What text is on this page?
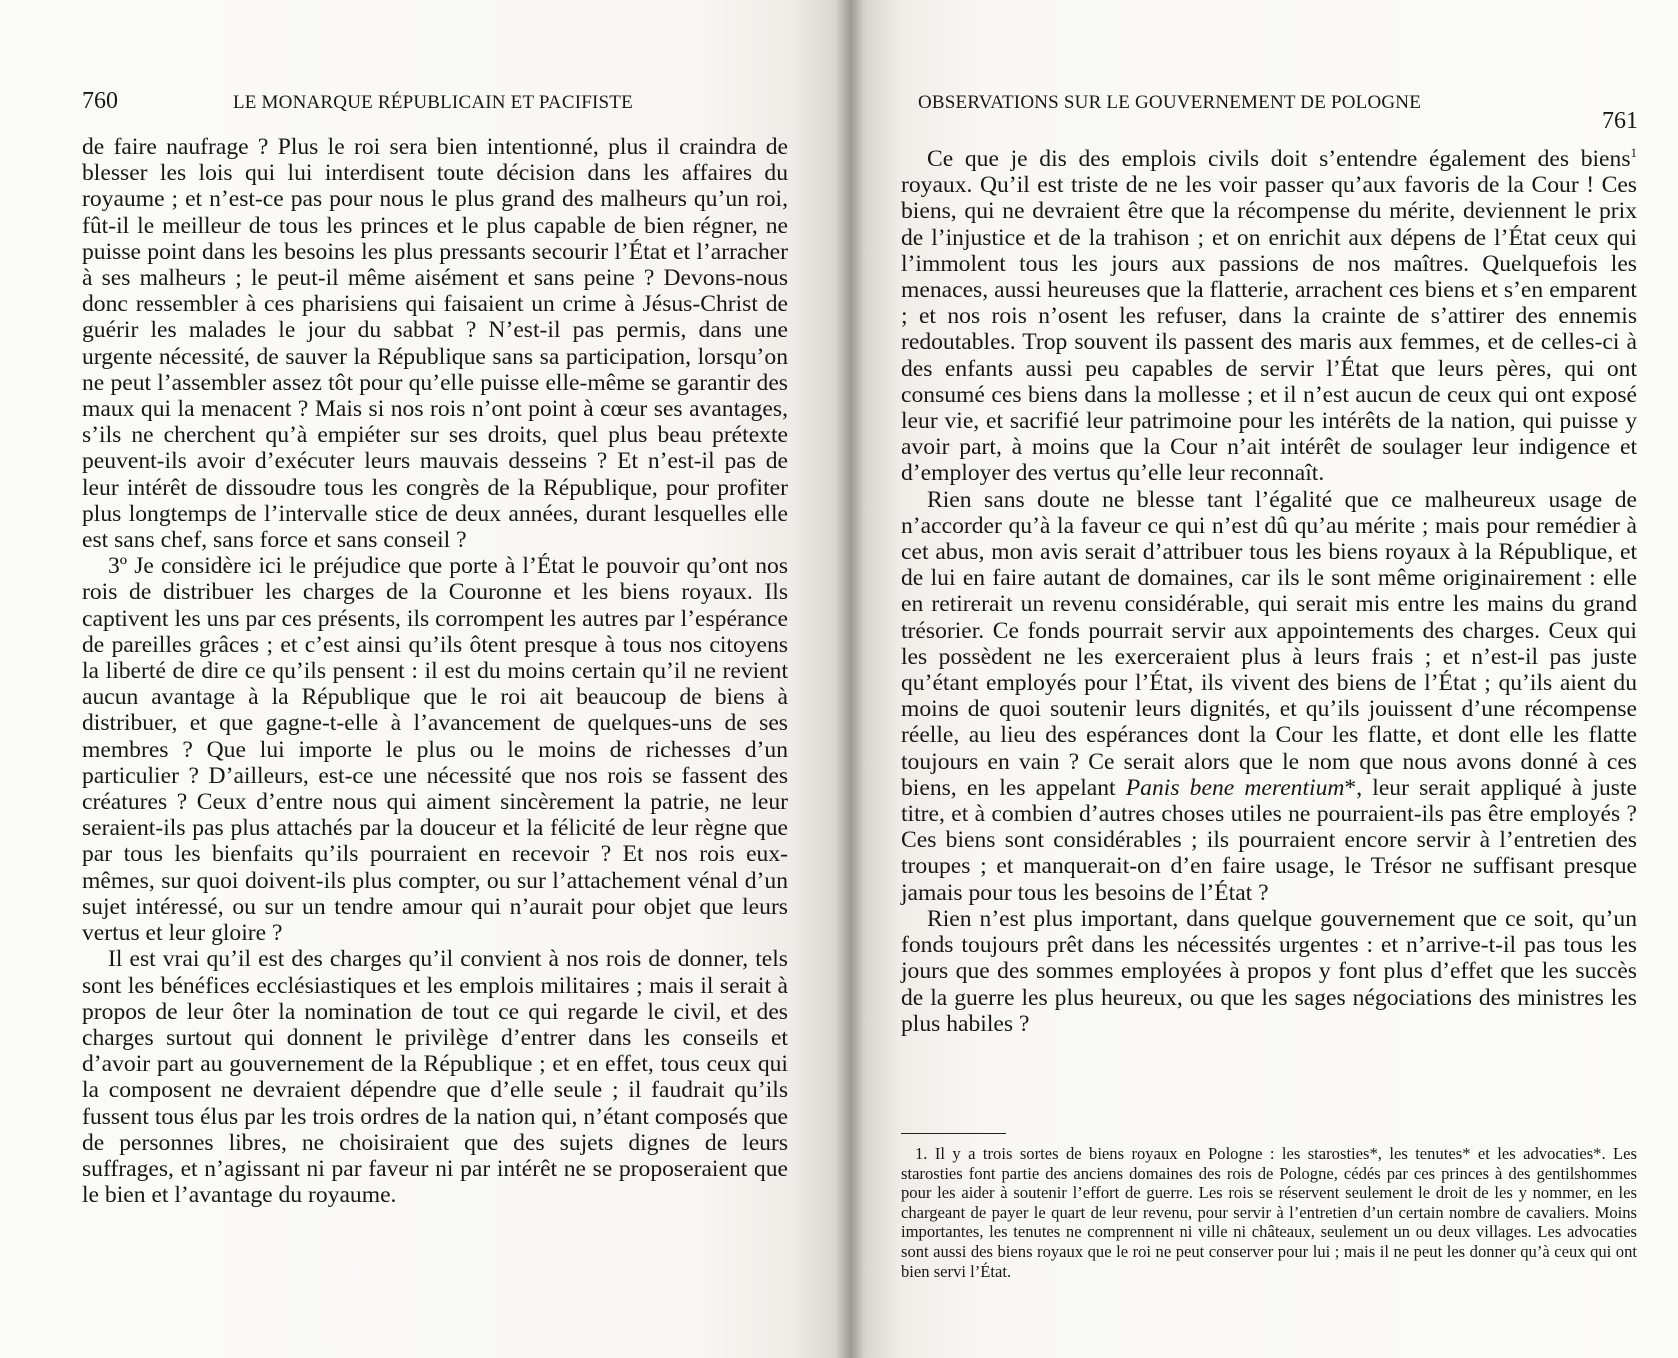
760	LE MONARQUE RÉPUBLICAIN ET PACIFISTE

de faire naufrage ? Plus le roi sera bien intentionné, plus il craindra de blesser les lois qui lui interdisent toute décision dans les affaires du royaume ; et n’est-ce pas pour nous le plus grand des malheurs qu’un roi, fût-il le meilleur de tous les princes et le plus capable de bien régner, ne puisse point dans les besoins les plus pressants secourir l’État et l’arracher à ses malheurs ; le peut-il même aisément et sans peine ? Devons-nous donc ressembler à ces pharisiens qui faisaient un crime à Jésus-Christ de guérir les malades le jour du sabbat ? N’est-il pas permis, dans une urgente nécessité, de sauver la République sans sa participation, lorsqu’on ne peut l’assembler assez tôt pour qu’elle puisse elle-même se garantir des maux qui la menacent ? Mais si nos rois n’ont point à cœur ses avantages, s’ils ne cherchent qu’à empiéter sur ses droits, quel plus beau prétexte peuvent-ils avoir d’exécuter leurs mauvais desseins ? Et n’est-il pas de leur intérêt de dissoudre tous les congrès de la République, pour profiter plus longtemps de l’intervalle stice de deux années, durant lesquelles elle est sans chef, sans force et sans conseil ?

3º Je considère ici le préjudice que porte à l’État le pouvoir qu’ont nos rois de distribuer les charges de la Couronne et les biens royaux. Ils captivent les uns par ces présents, ils corrompent les autres par l’espérance de pareilles grâces ; et c’est ainsi qu’ils ôtent presque à tous nos citoyens la liberté de dire ce qu’ils pensent : il est du moins certain qu’il ne revient aucun avantage à la République que le roi ait beaucoup de biens à distribuer, et que gagne-t-elle à l’avancement de quelques-uns de ses membres ? Que lui importe le plus ou le moins de richesses d’un particulier ? D’ailleurs, est-ce une nécessité que nos rois se fassent des créatures ? Ceux d’entre nous qui aiment sincèrement la patrie, ne leur seraient-ils pas plus attachés par la douceur et la félicité de leur règne que par tous les bienfaits qu’ils pourraient en recevoir ? Et nos rois eux-mêmes, sur quoi doivent-ils plus compter, ou sur l’attachement vénal d’un sujet intéressé, ou sur un tendre amour qui n’aurait pour objet que leurs vertus et leur gloire ?

Il est vrai qu’il est des charges qu’il convient à nos rois de donner, tels sont les bénéfices ecclésiastiques et les emplois militaires ; mais il serait à propos de leur ôter la nomination de tout ce qui regarde le civil, et des charges surtout qui donnent le privilège d’entrer dans les conseils et d’avoir part au gouvernement de la République ; et en effet, tous ceux qui la composent ne devraient dépendre que d’elle seule ; il faudrait qu’ils fussent tous élus par les trois ordres de la nation qui, n’étant composés que de personnes libres, ne choisiraient que des sujets dignes de leurs suffrages, et n’agissant ni par faveur ni par intérêt ne se proposeraient que le bien et l’avantage du royaume.

OBSERVATIONS SUR LE GOUVERNEMENT DE POLOGNE
761

Ce que je dis des emplois civils doit s’entendre également des biens$^1$ royaux. Qu’il est triste de ne les voir passer qu’aux favoris de la Cour ! Ces biens, qui ne devraient être que la récompense du mérite, deviennent le prix de l’injustice et de la trahison ; et on enrichit aux dépens de l’État ceux qui l’immolent tous les jours aux passions de nos maîtres. Quelquefois les menaces, aussi heureuses que la flatterie, arrachent ces biens et s’en emparent ; et nos rois n’osent les refuser, dans la crainte de s’attirer des ennemis redoutables. Trop souvent ils passent des maris aux femmes, et de celles-ci à des enfants aussi peu capables de servir l’État que leurs pères, qui ont consumé ces biens dans la mollesse ; et il n’est aucun de ceux qui ont exposé leur vie, et sacrifié leur patrimoine pour les intérêts de la nation, qui puisse y avoir part, à moins que la Cour n’ait intérêt de soulager leur indigence et d’employer des vertus qu’elle leur reconnaît.

Rien sans doute ne blesse tant l’égalité que ce malheureux usage de n’accorder qu’à la faveur ce qui n’est dû qu’au mérite ; mais pour remédier à cet abus, mon avis serait d’attribuer tous les biens royaux à la République, et de lui en faire autant de domaines, car ils le sont même originairement : elle en retirerait un revenu considérable, qui serait mis entre les mains du grand trésorier. Ce fonds pourrait servir aux appointements des charges. Ceux qui les possèdent ne les exerceraient plus à leurs frais ; et n’est-il pas juste qu’étant employés pour l’État, ils vivent des biens de l’État ; qu’ils aient du moins de quoi soutenir leurs dignités, et qu’ils jouissent d’une récompense réelle, au lieu des espérances dont la Cour les flatte, et dont elle les flatte toujours en vain ? Ce serait alors que le nom que nous avons donné à ces biens, en les appelant Panis bene merentium*, leur serait appliqué à juste titre, et à combien d’autres choses utiles ne pourraient-ils pas être employés ? Ces biens sont considérables ; ils pourraient encore servir à l’entretien des troupes ; et manquerait-on d’en faire usage, le Trésor ne suffisant presque jamais pour tous les besoins de l’État ?

Rien n’est plus important, dans quelque gouvernement que ce soit, qu’un fonds toujours prêt dans les nécessités urgentes : et n’arrive-t-il pas tous les jours que des sommes employées à propos y font plus d’effet que les succès de la guerre les plus heureux, ou que les sages négociations des ministres les plus habiles ?

1. Il y a trois sortes de biens royaux en Pologne : les starosties*, les tenutes* et les advocaties*. Les starosties font partie des anciens domaines des rois de Pologne, cédés par ces princes à des gentilshommes pour les aider à soutenir l’effort de guerre. Les rois se réservent seulement le droit de les y nommer, en les chargeant de payer le quart de leur revenu, pour servir à l’entretien d’un certain nombre de cavaliers. Moins importantes, les tenutes ne comprennent ni ville ni châteaux, seulement un ou deux villages. Les advocaties sont aussi des biens royaux que le roi ne peut conserver pour lui ; mais il ne peut les donner qu’à ceux qui ont bien servi l’État.
